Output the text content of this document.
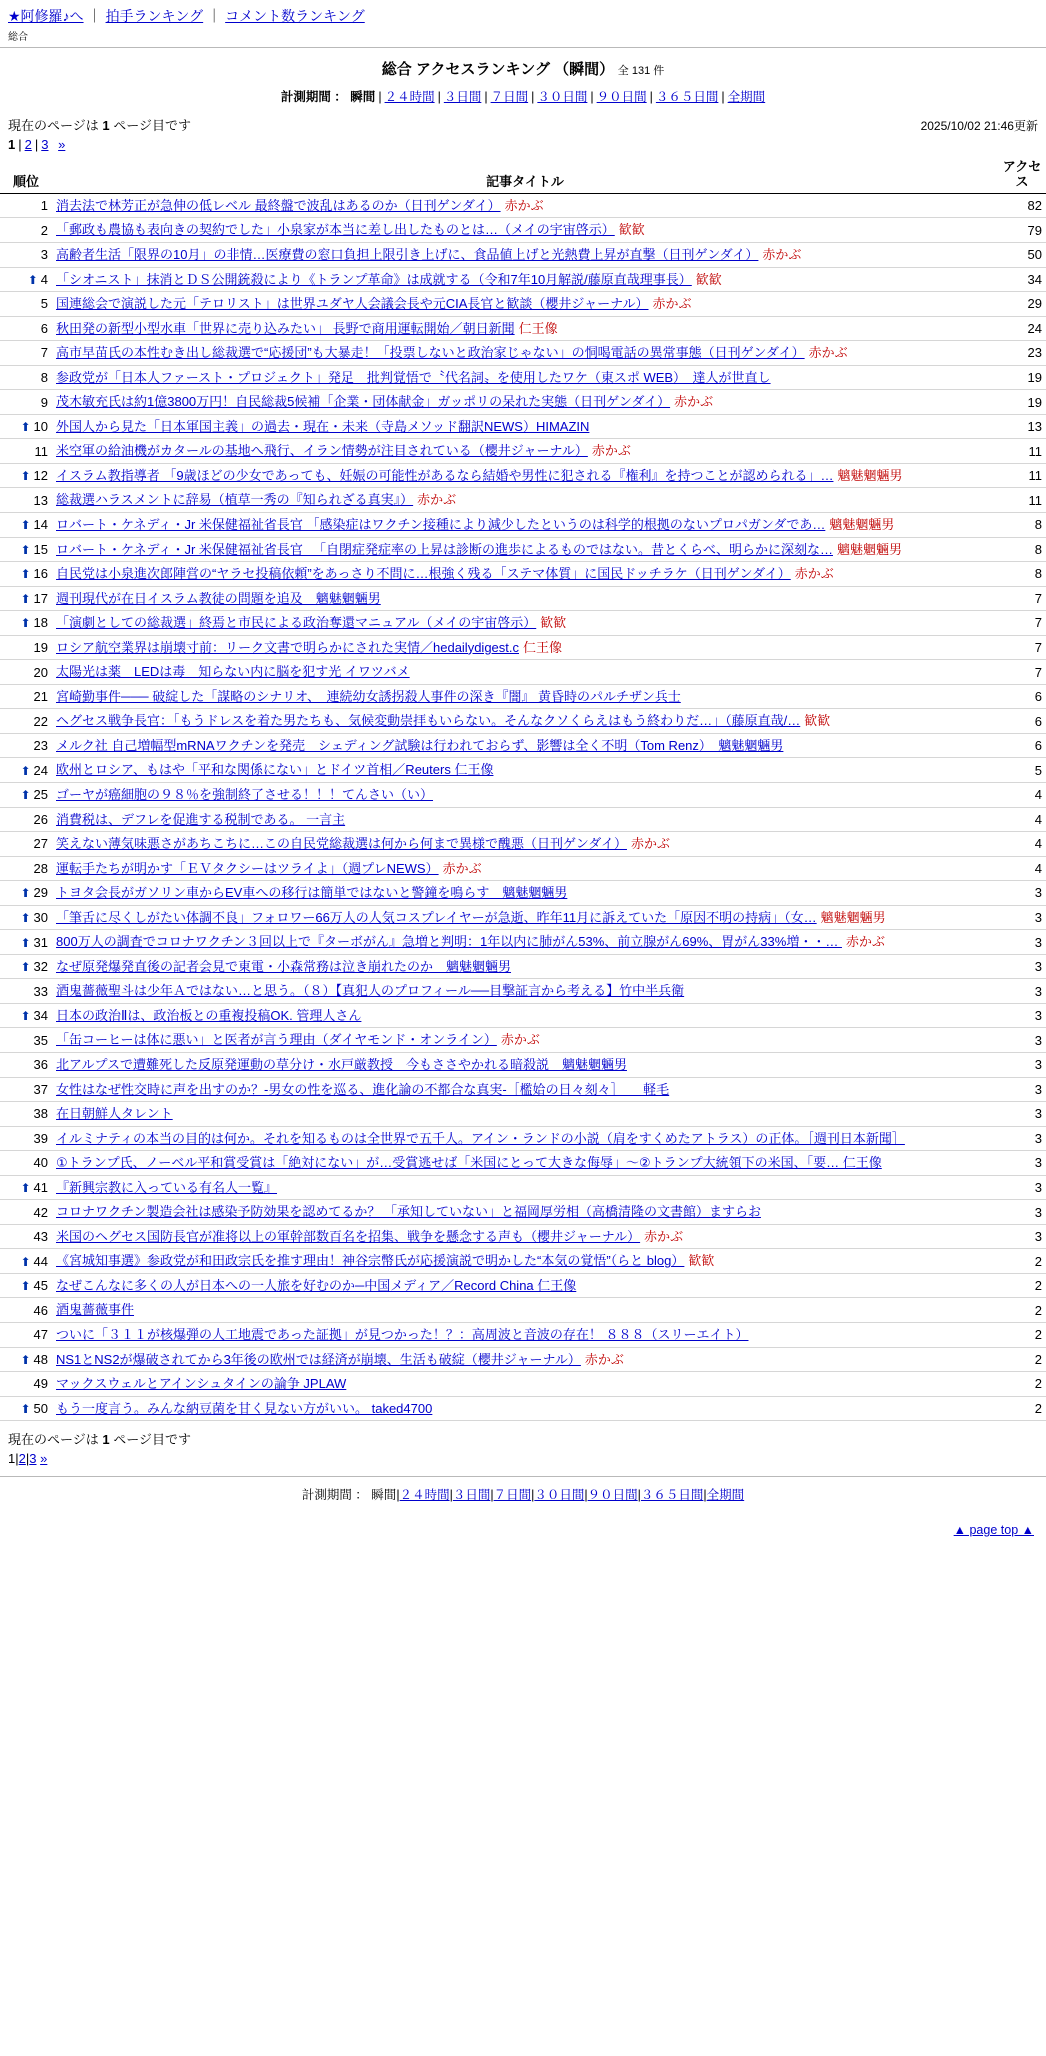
★阿修羅♪へ ｜ 拍手ランキング ｜ コメント数ランキング
総合
総合 アクセスランキング （瞬間） 全 131 件
計測期間 ： 瞬間 | ２４時間 | ３日間 | ７日間 | ３０日間 | ９０日間 | ３６５日間 | 全期間
現在のページは 1 ページ目です	2025/10/02 21:46更新
1 | 2 | 3 »
順位	記事タイトル	アクセス
1	消去法で林芳正が急伸の低レベル 最終盤で波乱はあるのか（日刊ゲンダイ） 赤かぶ	82
2	「郵政も農協も表向きの契約でした」小泉家が本当に差し出したものとは…（メイの宇宙啓示） 歓歓	79
3	高齢者生活「限界の10月」の非情…医療費の窓口負担上限引き上げに、食品値上げと光熱費上昇が直撃（日刊ゲンダイ） 赤かぶ	50
⬆ 4	「シオニスト」抹消とＤＳ公開銃殺により《トランプ革命》は成就する（令和7年10月解説/藤原直哉理事長） 歓歓	34
5	国連総会で演説した元「テロリスト」は世界ユダヤ人会議会長や元CIA長官と歓談（櫻井ジャーナル） 赤かぶ	29
6	秋田発の新型小型水車「世界に売り込みたい」 長野で商用運転開始／朝日新聞 仁王像	24
7	高市早苗氏の本性むき出し総裁選で“応援団”も大暴走！「投票しないと政治家じゃない」の恫喝電話の異常事態（日刊ゲンダイ） 赤かぶ	23
8	参政党が「日本人ファースト・プロジェクト」発足　批判覚悟で〝代名詞〟を使用したワケ（東スポ WEB）　達人が世直し	19
9	茂木敏充氏は約1億3800万円！自民総裁5候補「企業・団体献金」ガッポリの呆れた実態（日刊ゲンダイ） 赤かぶ	19
⬆ 10	外国人から見た「日本軍国主義」の過去・現在・未来（寺島メソッド翻訳NEWS）HIMAZIN	13
11	米空軍の給油機がカタールの基地へ飛行、イラン情勢が注目されている（櫻井ジャーナル） 赤かぶ	11
⬆ 12	イスラム教指導者 「9歳ほどの少女であっても、妊娠の可能性があるなら結婚や男性に犯される『権利』を持つことが認められる」… 魑魅魍魎男	11
13	総裁選ハラスメントに辞易（植草一秀の『知られざる真実』） 赤かぶ	11
⬆ 14	ロバート・ケネディ・Jr 米保健福祉省長官 「感染症はワクチン接種により減少したというのは科学的根拠のないプロパガンダであ… 魑魅魍魎男	8
⬆ 15	ロバート・ケネディ・Jr 米保健福祉省長官 　「自閉症発症率の上昇は診断の進歩によるものではない。昔とくらべ、明らかに深刻な… 魑魅魍魎男	8
⬆ 16	自民党は小泉進次郎陣営の“ヤラセ投稿依頼”をあっさり不問に…根強く残る「ステマ体質」に国民ドッチラケ（日刊ゲンダイ） 赤かぶ	8
⬆ 17	週刊現代が在日イスラム教徒の問題を追及　魑魅魍魎男	7
⬆ 18	「演劇としての総裁選」終焉と市民による政治奪還マニュアル（メイの宇宙啓示） 歓歓	7
19	ロシア航空業界は崩壊寸前：リーク文書で明らかにされた実情／hedailydigest.c 仁王像	7
20	太陽光は薬　LEDは毒　知らない内に脳を犯す光 イワツバメ	7
21	宮崎勤事件─── 破綻した「謀略のシナリオ、　連続幼女誘拐殺人事件の深き『闇』 黄昏時のパルチザン兵士	6
22	ヘグセス戦争長官：「もうドレスを着た男たちも、気候変動崇拝もいらない。そんなクソくらえはもう終わりだ…」（藤原直哉/… 歓歓	6
23	メルク社 自己増幅型mRNAワクチンを発売　シェディング試験は行われておらず、影響は全く不明（Tom Renz）　魑魅魍魎男	6
⬆ 24	欧州とロシア、もはや「平和な関係にない」とドイツ首相／Reuters 仁王像	5
⬆ 25	ゴーヤが癌細胞の９８％を強制終了させる！！！てんさい（い）	4
26	消費税は、デフレを促進する税制である。 一言主	4
27	笑えない薄気味悪さがあちこちに…この自民党総裁選は何から何まで異様で醜悪（日刊ゲンダイ） 赤かぶ	4
28	運転手たちが明かす「ＥＶタクシーはツライよ」（週プレNEWS） 赤かぶ	4
⬆ 29	トヨタ会長がガソリン車からEV車への移行は簡単ではないと警鐘を鳴らす　魑魅魍魎男	3
⬆ 30	「筆舌に尽くしがたい体調不良」フォロワー66万人の人気コスプレイヤーが急逝、昨年11月に訴えていた「原因不明の持病」（女… 魑魅魍魎男	3
⬆ 31	800万人の調査でコロナワクチン３回以上で『ターボがん』急増と判明：1年以内に肺がん53%、前立腺がん69%、胃がん33%増・・… 赤かぶ	3
⬆ 32	なぜ原発爆発直後の記者会見で東電・小森常務は泣き崩れたのか　魑魅魍魎男	3
33	酒鬼薔薇聖斗は少年Ａではない…と思う。（８）【真犯人のプロフィール──目撃証言から考える】竹中半兵衛	3
⬆ 34	日本の政治Ⅱは、政治板との重複投稿OK. 管理人さん	3
35	「缶コーヒーは体に悪い」と医者が言う理由（ダイヤモンド・オンライン） 赤かぶ	3
36	北アルプスで遭難死した反原発運動の草分け・水戸厳教授　今もささやかれる暗殺説　魑魅魍魎男	3
37	女性はなぜ性交時に声を出すのか？-男女の性を巡る、進化論の不都合な真実-［檻姶の日々刻々］　　軽毛	3
38	在日朝鮮人タレント	3
39	イルミナティの本当の目的は何か。それを知るものは全世界で五千人。アイン・ランドの小説（肩をすくめたアトラス）の正体。［週刊日本新聞］	3
40	①トランプ氏、ノーベル平和賞受賞は「絶対にない」が…受賞逃せば「米国にとって大きな侮辱」～②トランプ大統領下の米国、「要… 仁王像	3
⬆ 41	『新興宗教に入っている有名人一覧』	3
42	コロナワクチン製造会社は感染予防効果を認めてるか？ 「承知していない」と福岡厚労相（高橋清隆の文書館）ますらお	3
43	米国のヘグセス国防長官が准将以上の軍幹部数百名を招集、戦争を懸念する声も（櫻井ジャーナル） 赤かぶ	3
⬆ 44	《宮城知事選》参政党が和田政宗氏を推す理由！神谷宗幣氏が応援演説で明かした“本気の覚悟”（らと blog） 歓歓	2
⬆ 45	なぜこんなに多くの人が日本への一人旅を好むのか─中国メディア／Record China 仁王像	2
46	酒鬼薔薇事件	2
47	ついに「３１１が核爆弾の人工地震であった証拠」が見つかった！？：高周波と音波の存在！ ８８８（スリーエイト）	2
⬆ 48	NS1とNS2が爆破されてから3年後の欧州では経済が崩壊、生活も破綻（櫻井ジャーナル） 赤かぶ	2
49	マックスウェルとアインシュタインの論争 JPLAW	2
⬆ 50	もう一度言う。みんな納豆菌を甘く見ない方がいい。 taked4700	2
現在のページは 1 ページ目です
1|2|3 »
計測期間 ： 瞬間|２４時間|３日間|７日間|３０日間|９０日間|３６５日間|全期間
▲ page top ▲
